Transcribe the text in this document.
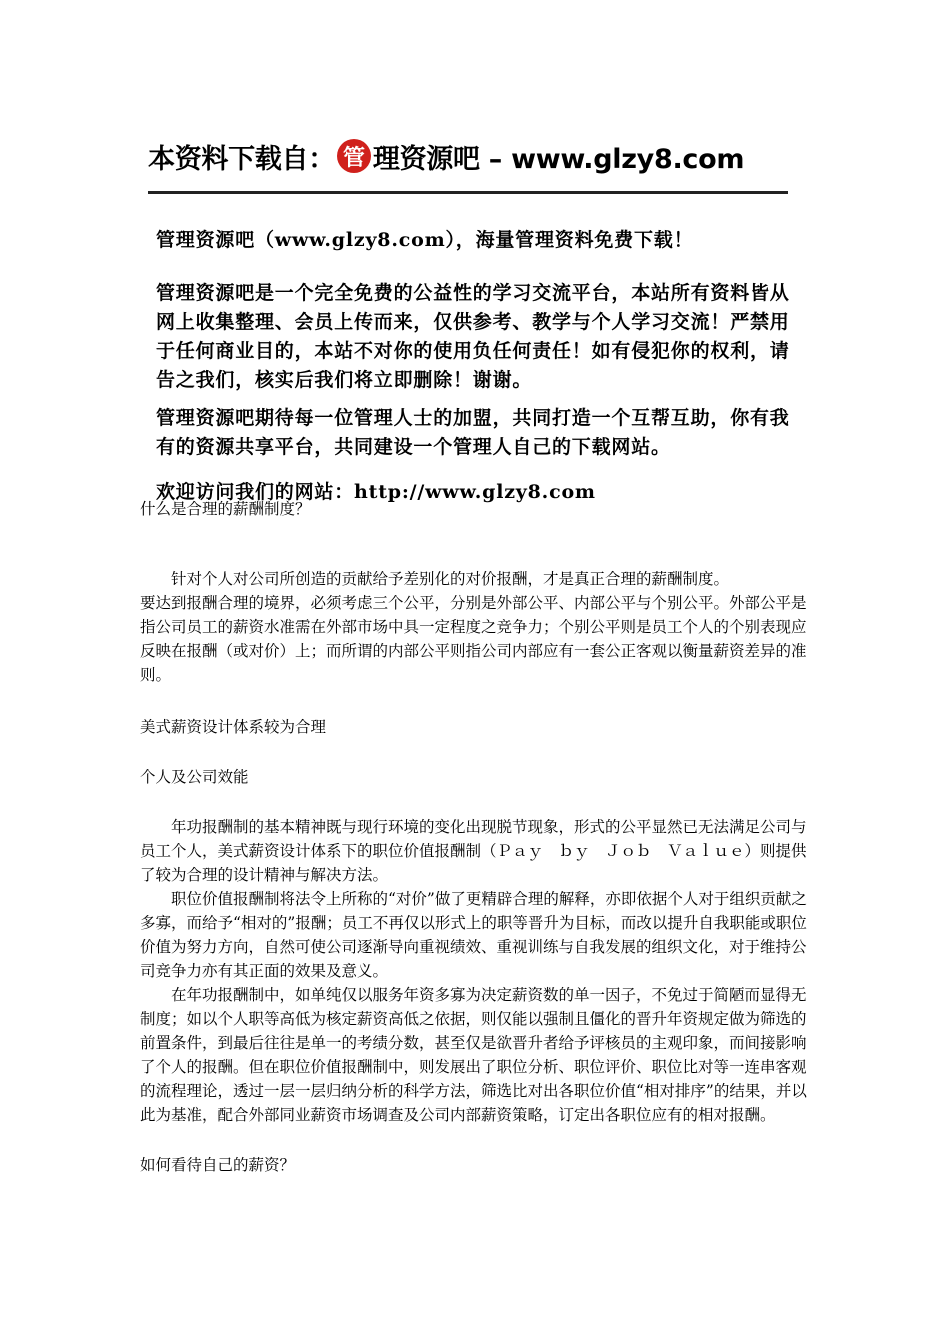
本资料下载自： 管 理资源吧 – www.glzy8.com

管理资源吧（www.glzy8.com），海量管理资料免费下载！

管理资源吧是一个完全免费的公益性的学习交流平台，本站所有资料皆从网上收集整理、会员上传而来，仅供参考、教学与个人学习交流！严禁用于任何商业目的，本站不对你的使用负任何责任！如有侵犯你的权利，请告之我们，核实后我们将立即删除！谢谢。

管理资源吧期待每一位管理人士的加盟，共同打造一个互帮互助，你有我有的资源共享平台，共同建设一个管理人自己的下载网站。

欢迎访问我们的网站：http://www.glzy8.com

什么是合理的薪酬制度？

针对个人对公司所创造的贡献给予差别化的对价报酬，才是真正合理的薪酬制度。

要达到报酬合理的境界，必须考虑三个公平，分别是外部公平、内部公平与个别公平。外部公平是指公司员工的薪资水准需在外部市场中具一定程度之竞争力；个别公平则是员工个人的个别表现应反映在报酬（或对价）上；而所谓的内部公平则指公司内部应有一套公正客观以衡量薪资差异的准则。

美式薪资设计体系较为合理

个人及公司效能

年功报酬制的基本精神既与现行环境的变化出现脱节现象，形式的公平显然已无法满足公司与员工个人，美式薪资设计体系下的职位价值报酬制（Ｐａｙ　ｂｙ　Ｊｏｂ　Ｖａｌｕｅ）则提供了较为合理的设计精神与解决方法。

职位价值报酬制将法令上所称的“对价”做了更精辟合理的解释，亦即依据个人对于组织贡献之多寡，而给予“相对的”报酬；员工不再仅以形式上的职等晋升为目标，而改以提升自我职能或职位价值为努力方向，自然可使公司逐渐导向重视绩效、重视训练与自我发展的组织文化，对于维持公司竞争力亦有其正面的效果及意义。

在年功报酬制中，如单纯仅以服务年资多寡为决定薪资数的单一因子，不免过于简陋而显得无制度；如以个人职等高低为核定薪资高低之依据，则仅能以强制且僵化的晋升年资规定做为筛选的前置条件，到最后往往是单一的考绩分数，甚至仅是欲晋升者给予评核员的主观印象，而间接影响了个人的报酬。但在职位价值报酬制中，则发展出了职位分析、职位评价、职位比对等一连串客观的流程理论，透过一层一层归纳分析的科学方法，筛选比对出各职位价值“相对排序”的结果，并以此为基准，配合外部同业薪资市场调查及公司内部薪资策略，订定出各职位应有的相对报酬。

如何看待自己的薪资？
